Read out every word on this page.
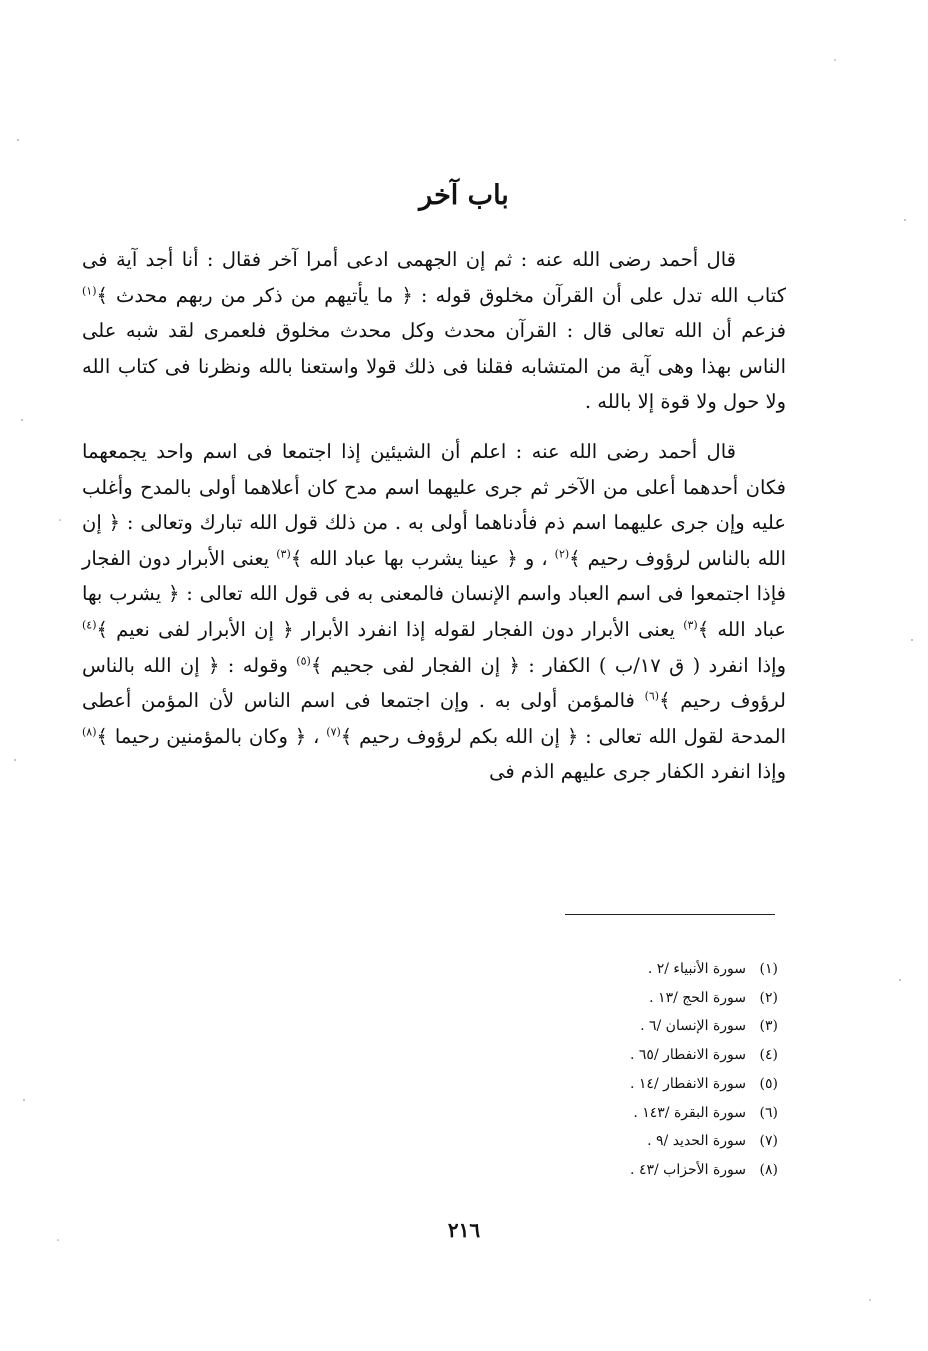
باب آخر

قال أحمد رضى الله عنه : ثم إن الجهمى ادعى أمرا آخر فقال : أنا أجد آية فى كتاب الله تدل على أن القرآن مخلوق قوله : ﴿ ما يأتيهم من ذكر من ربهم محدث ﴾$^{(١)}$ فزعم أن الله تعالى قال : القرآن محدث وكل محدث مخلوق فلعمرى لقد شبه على الناس بهذا وهى آية من المتشابه فقلنا فى ذلك قولا واستعنا بالله ونظرنا فى كتاب الله ولا حول ولا قوة إلا بالله .

قال أحمد رضى الله عنه : اعلم أن الشيئين إذا اجتمعا فى اسم واحد يجمعهما فكان أحدهما أعلى من الآخر ثم جرى عليهما اسم مدح كان أعلاهما أولى بالمدح وأغلب عليه وإن جرى عليهما اسم ذم فأدناهما أولى به . من ذلك قول الله تبارك وتعالى : ﴿ إن الله بالناس لرؤوف رحيم ﴾$^{(٢)}$ ، و ﴿ عينا يشرب بها عباد الله ﴾$^{(٣)}$ يعنى الأبرار دون الفجار فإذا اجتمعوا فى اسم العباد واسم الإنسان فالمعنى به فى قول الله تعالى : ﴿ يشرب بها عباد الله ﴾$^{(٣)}$ يعنى الأبرار دون الفجار لقوله إذا انفرد الأبرار ﴿ إن الأبرار لفى نعيم ﴾$^{(٤)}$ وإذا انفرد ( ق ١٧/ب ) الكفار : ﴿ إن الفجار لفى جحيم ﴾$^{(٥)}$ وقوله : ﴿ إن الله بالناس لرؤوف رحيم ﴾$^{(٦)}$ فالمؤمن أولى به . وإن اجتمعا فى اسم الناس لأن المؤمن أعطى المدحة لقول الله تعالى : ﴿ إن الله بكم لرؤوف رحيم ﴾$^{(٧)}$ ، ﴿ وكان بالمؤمنين رحيما ﴾$^{(٨)}$ وإذا انفرد الكفار جرى عليهم الذم فى

(١)سورة الأنبياء /٢ .
(٢)سورة الحج /١٣ .
(٣)سورة الإنسان /٦ .
(٤)سورة الانفطار /٦٥ .
(٥)سورة الانفطار /١٤ .
(٦)سورة البقرة /١٤٣ .
(٧)سورة الحديد /٩ .
(٨)سورة الأحزاب /٤٣ .
٢١٦
